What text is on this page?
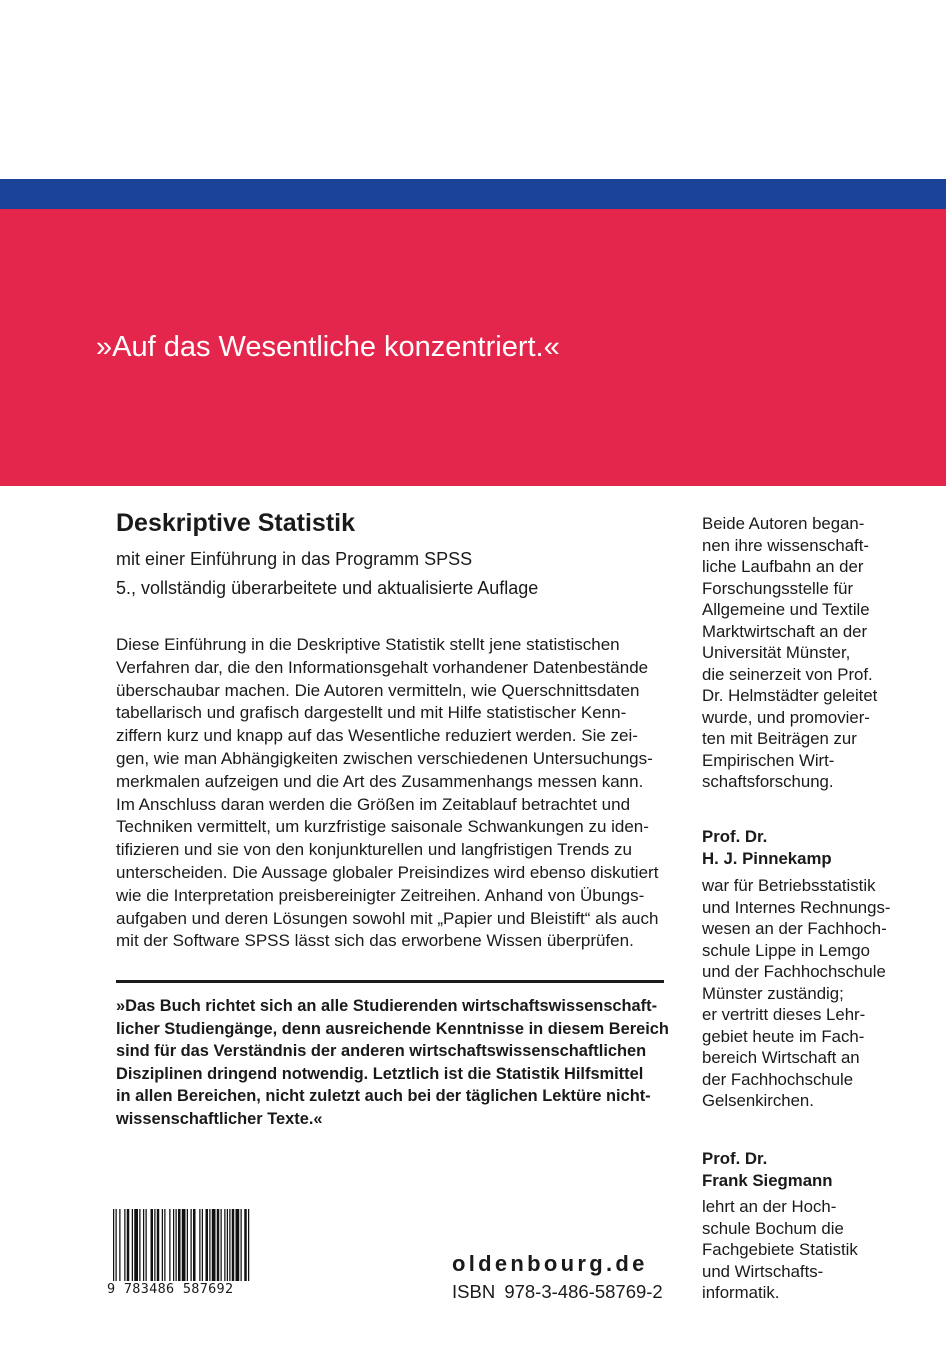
»Auf das Wesentliche konzentriert.«
Deskriptive Statistik
mit einer Einführung in das Programm SPSS
5., vollständig überarbeitete und aktualisierte Auflage
Diese Einführung in die Deskriptive Statistik stellt jene statistischen
Verfahren dar, die den Informationsgehalt vorhandener Datenbestände
überschaubar machen. Die Autoren vermitteln, wie Querschnittsdaten
tabellarisch und grafisch dargestellt und mit Hilfe statistischer Kenn-
ziffern kurz und knapp auf das Wesentliche reduziert werden. Sie zei-
gen, wie man Abhängigkeiten zwischen verschiedenen Untersuchungs-
merkmalen aufzeigen und die Art des Zusammenhangs messen kann.
Im Anschluss daran werden die Größen im Zeitablauf betrachtet und
Techniken vermittelt, um kurzfristige saisonale Schwankungen zu iden-
tifizieren und sie von den konjunkturellen und langfristigen Trends zu
unterscheiden. Die Aussage globaler Preisindizes wird ebenso diskutiert
wie die Interpretation preisbereinigter Zeitreihen. Anhand von Übungs-
aufgaben und deren Lösungen sowohl mit „Papier und Bleistift“ als auch
mit der Software SPSS lässt sich das erworbene Wissen überprüfen.
»Das Buch richtet sich an alle Studierenden wirtschaftswissenschaft-
licher Studiengänge, denn ausreichende Kenntnisse in diesem Bereich
sind für das Verständnis der anderen wirtschaftswissenschaftlichen
Disziplinen dringend notwendig. Letztlich ist die Statistik Hilfsmittel
in allen Bereichen, nicht zuletzt auch bei der täglichen Lektüre nicht-
wissenschaftlicher Texte.«
Beide Autoren began-
nen ihre wissenschaft-
liche Laufbahn an der
Forschungsstelle für
Allgemeine und Textile
Marktwirtschaft an der
Universität Münster,
die seinerzeit von Prof.
Dr. Helmstädter geleitet
wurde, und promovier-
ten mit Beiträgen zur
Empirischen Wirt-
schaftsforschung.
Prof. Dr.
H. J. Pinnekamp
war für Betriebsstatistik
und Internes Rechnungs-
wesen an der Fachhoch-
schule Lippe in Lemgo
und der Fachhochschule
Münster zuständig;
er vertritt dieses Lehr-
gebiet heute im Fach-
bereich Wirtschaft an
der Fachhochschule
Gelsenkirchen.
Prof. Dr.
Frank Siegmann
lehrt an der Hoch-
schule Bochum die
Fachgebiete Statistik
und Wirtschafts-
informatik.
9 783486 587692
oldenbourg.de
ISBN 978-3-486-58769-2
